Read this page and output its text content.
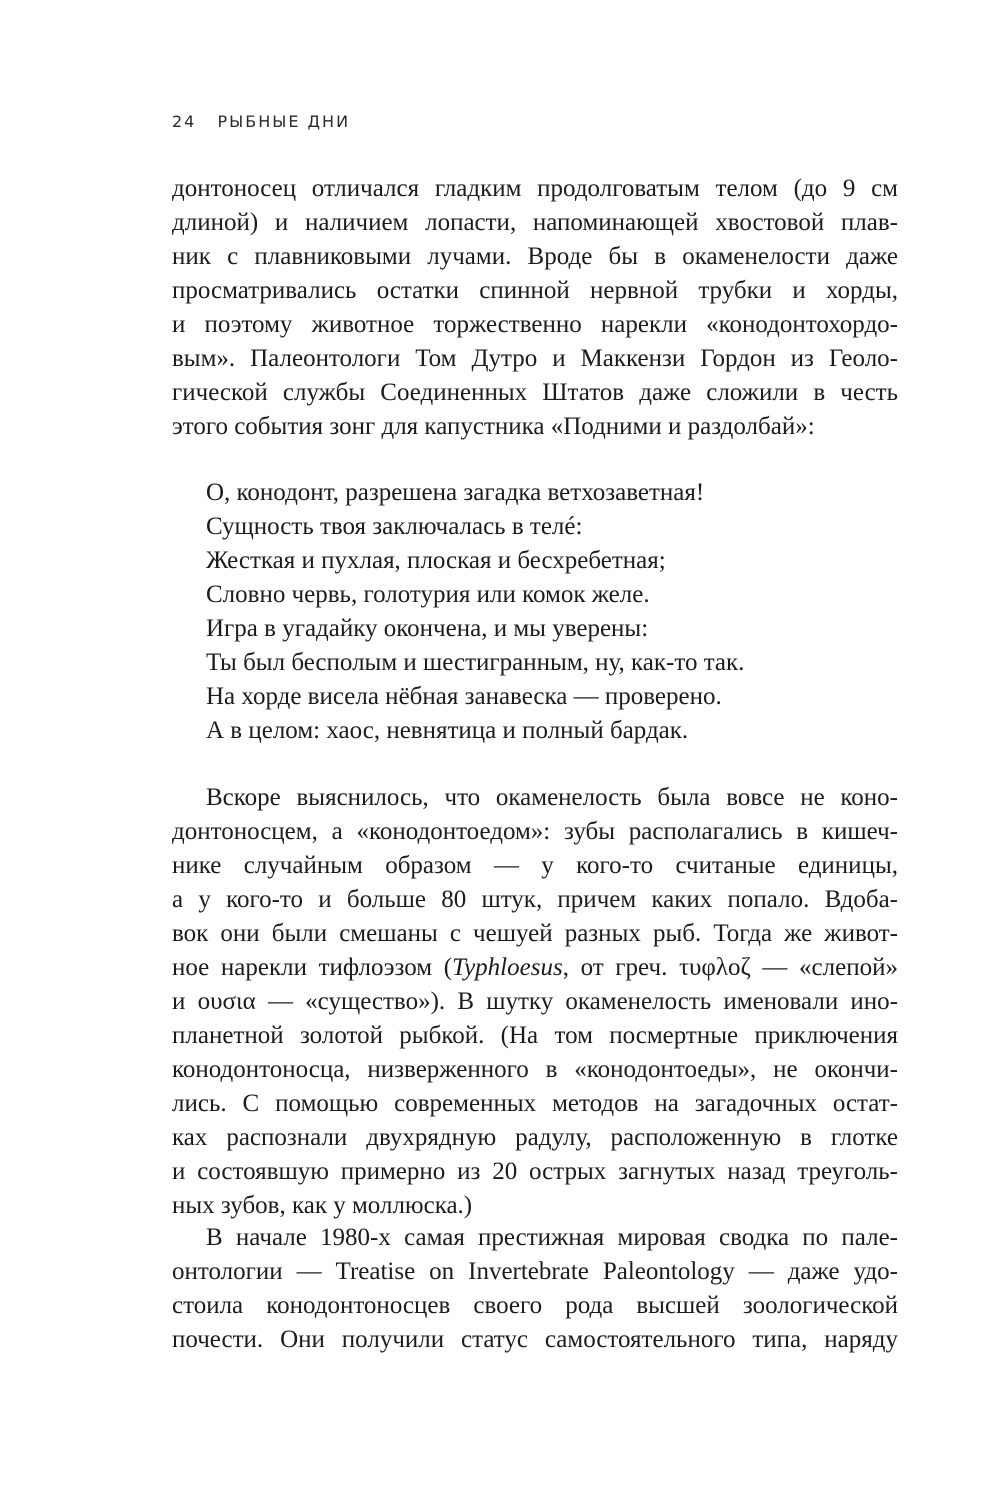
24 РЫБНЫЕ ДНИ
донтоносец отличался гладким продолговатым телом (до 9 см
длиной) и наличием лопасти, напоминающей хвостовой плав-
ник с плавниковыми лучами. Вроде бы в окаменелости даже
просматривались остатки спинной нервной трубки и хорды,
и поэтому животное торжественно нарекли «конодонтохордо-
вым». Палеонтологи Том Дутро и Маккензи Гордон из Геоло-
гической службы Соединенных Штатов даже сложили в честь
этого события зонг для капустника «Подними и раздолбай»:
О, конодонт, разрешена загадка ветхозаветная!
Сущность твоя заключалась в телé:
Жесткая и пухлая, плоская и бесхребетная;
Словно червь, голотурия или комок желе.
Игра в угадайку окончена, и мы уверены:
Ты был бесполым и шестигранным, ну, как-то так.
На хорде висела нёбная занавеска — проверено.
А в целом: хаос, невнятица и полный бардак.
Вскоре выяснилось, что окаменелость была вовсе не коно-
донтоносцем, а «конодонтоедом»: зубы располагались в кишеч-
нике случайным образом — у кого-то считаные единицы,
а у кого-то и больше 80 штук, причем каких попало. Вдоба-
вок они были смешаны с чешуей разных рыб. Тогда же живот-
ное нарекли тифлоэзом (Typhloesus, от греч. τυφλοζ — «слепой»
и ουσια — «существо»). В шутку окаменелость именовали ино-
планетной золотой рыбкой. (На том посмертные приключения
конодонтоносца, низверженного в «конодонтоеды», не окончи-
лись. С помощью современных методов на загадочных остат-
ках распознали двухрядную радулу, расположенную в глотке
и состоявшую примерно из 20 острых загнутых назад треуголь-
ных зубов, как у моллюска.)
В начале 1980-х самая престижная мировая сводка по пале-
онтологии — Treatise on Invertebrate Paleontology — даже удо-
стоила конодонтоносцев своего рода высшей зоологической
почести. Они получили статус самостоятельного типа, наряду
